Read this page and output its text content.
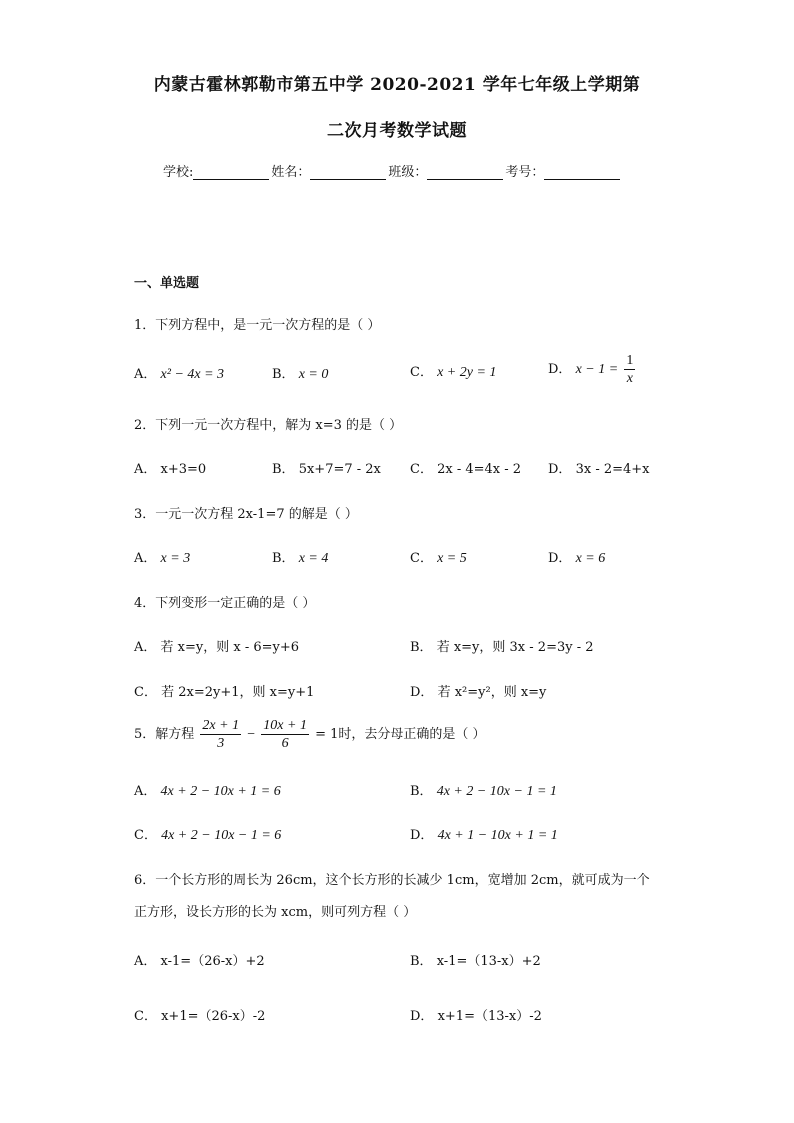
内蒙古霍林郭勒市第五中学 2020-2021 学年七年级上学期第
二次月考数学试题
学校:	姓名：	班级：	考号：
一、单选题
1．下列方程中，是一元一次方程的是（ ）
A． x² − 4x = 3	B． x = 0	C． x + 2y = 1	D． $x - 1 = \frac{1}{x}$
2．下列一元一次方程中，解为 x=3 的是（ ）
A． x+3=0	B． 5x+7=7 - 2x C． 2x - 4=4x - 2 D． 3x - 2=4+x
3．一元一次方程 2x-1=7 的解是（ ）
A． x = 3	B． x = 4	C． x = 5	D． x = 6
4．下列变形一定正确的是（ ）
A． 若 x=y，则 x - 6=y+6	B． 若 x=y，则 3x - 2=3y - 2
C． 若 2x=2y+1，则 x=y+1	D． 若 x²=y²，则 x=y
5．解方程 $\frac{2x + 1}{3} - \frac{10x + 1}{6} = 1$时，去分母正确的是（ ）
A． 4x + 2 − 10x + 1 = 6	B． 4x + 2 − 10x − 1 = 1
C． 4x + 2 − 10x − 1 = 6	D． 4x + 1 − 10x + 1 = 1
6．一个长方形的周长为 26cm，这个长方形的长减少 1cm，宽增加 2cm，就可成为一个
正方形，设长方形的长为 xcm，则可列方程（ ）
A． x-1=（26-x）+2	B． x-1=（13-x）+2
C． x+1=（26-x）-2	D． x+1=（13-x）-2
